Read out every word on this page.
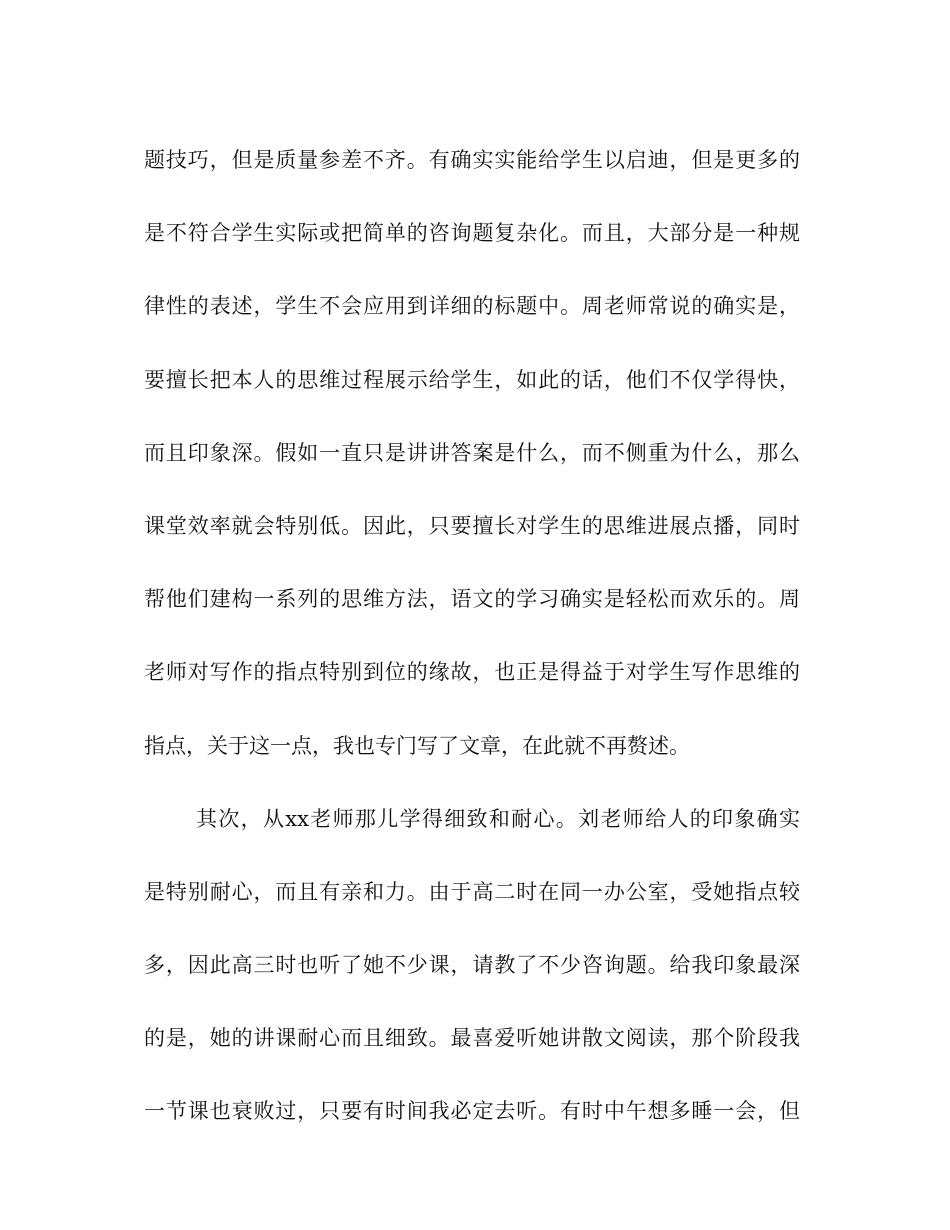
题技巧，但是质量参差不齐。有确实实能给学生以启迪，但是更多的
是不符合学生实际或把简单的咨询题复杂化。而且，大部分是一种规
律性的表述，学生不会应用到详细的标题中。周老师常说的确实是，
要擅长把本人的思维过程展示给学生，如此的话，他们不仅学得快，
而且印象深。假如一直只是讲讲答案是什么，而不侧重为什么，那么
课堂效率就会特别低。因此，只要擅长对学生的思维进展点播，同时
帮他们建构一系列的思维方法，语文的学习确实是轻松而欢乐的。周
老师对写作的指点特别到位的缘故，也正是得益于对学生写作思维的
指点，关于这一点，我也专门写了文章，在此就不再赘述。
其次，从xx老师那儿学得细致和耐心。刘老师给人的印象确实
是特别耐心，而且有亲和力。由于高二时在同一办公室，受她指点较
多，因此高三时也听了她不少课，请教了不少咨询题。给我印象最深
的是，她的讲课耐心而且细致。最喜爱听她讲散文阅读，那个阶段我
一节课也衰败过，只要有时间我必定去听。有时中午想多睡一会，但
